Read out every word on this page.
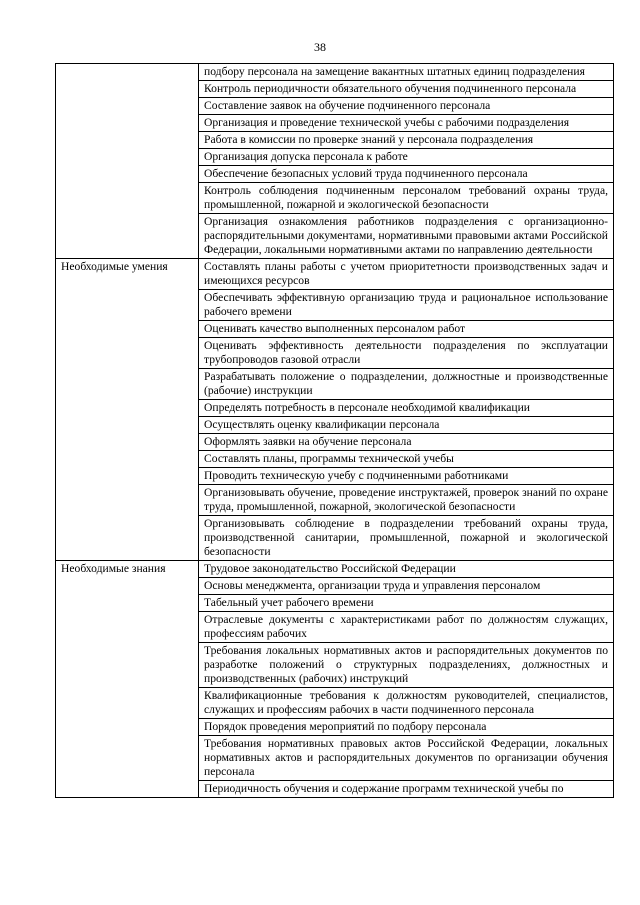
38
	подбору персонала на замещение вакантных штатных единиц подразделения
	Контроль периодичности обязательного обучения подчиненного персонала
	Составление заявок на обучение подчиненного персонала
	Организация и проведение технической учебы с рабочими подразделения
	Работа в комиссии по проверке знаний у персонала подразделения
	Организация допуска персонала к работе
	Обеспечение безопасных условий труда подчиненного персонала
	Контроль соблюдения подчиненным персоналом требований охраны труда, промышленной, пожарной и экологической безопасности
	Организация ознакомления работников подразделения с организационно-распорядительными документами, нормативными правовыми актами Российской Федерации, локальными нормативными актами по направлению деятельности
Необходимые умения	Составлять планы работы с учетом приоритетности производственных задач и имеющихся ресурсов
	Обеспечивать эффективную организацию труда и рациональное использование рабочего времени
	Оценивать качество выполненных персоналом работ
	Оценивать эффективность деятельности подразделения по эксплуатации трубопроводов газовой отрасли
	Разрабатывать положение о подразделении, должностные и производственные (рабочие) инструкции
	Определять потребность в персонале необходимой квалификации
	Осуществлять оценку квалификации персонала
	Оформлять заявки на обучение персонала
	Составлять планы, программы технической учебы
	Проводить техническую учебу с подчиненными работниками
	Организовывать обучение, проведение инструктажей, проверок знаний по охране труда, промышленной, пожарной, экологической безопасности
	Организовывать соблюдение в подразделении требований охраны труда, производственной санитарии, промышленной, пожарной и экологической безопасности
Необходимые знания	Трудовое законодательство Российской Федерации
	Основы менеджмента, организации труда и управления персоналом
	Табельный учет рабочего времени
	Отраслевые документы с характеристиками работ по должностям служащих, профессиям рабочих
	Требования локальных нормативных актов и распорядительных документов по разработке положений о структурных подразделениях, должностных и производственных (рабочих) инструкций
	Квалификационные требования к должностям руководителей, специалистов, служащих и профессиям рабочих в части подчиненного персонала
	Порядок проведения мероприятий по подбору персонала
	Требования нормативных правовых актов Российской Федерации, локальных нормативных актов и распорядительных документов по организации обучения персонала
	Периодичность обучения и содержание программ технической учебы по
